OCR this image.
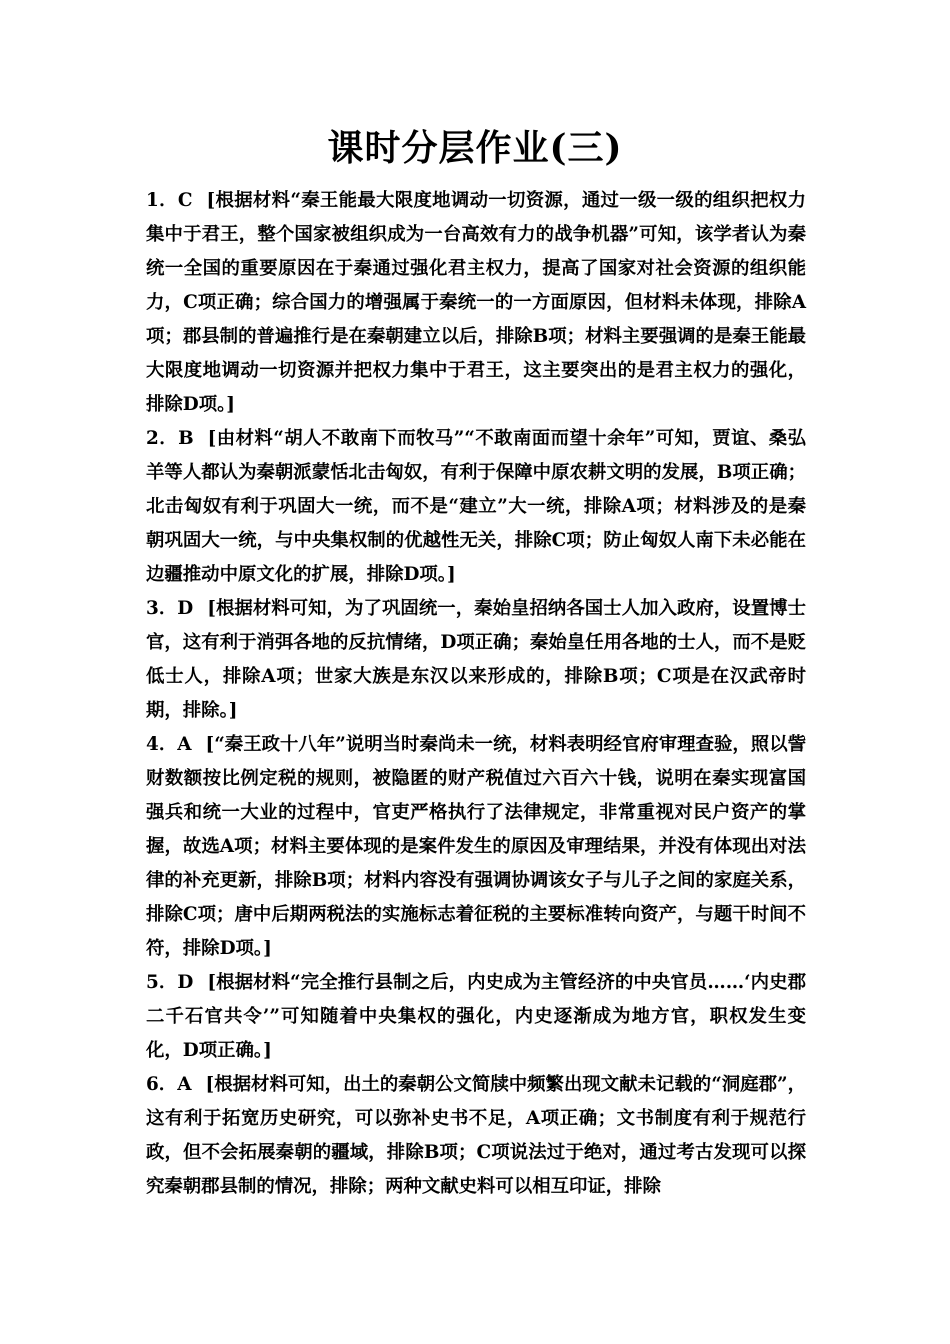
课时分层作业(三)

1．C [根据材料“秦王能最大限度地调动一切资源，通过一级一级的组织把权力集中于君王，整个国家被组织成为一台高效有力的战争机器”可知，该学者认为秦统一全国的重要原因在于秦通过强化君主权力，提高了国家对社会资源的组织能力，C项正确；综合国力的增强属于秦统一的一方面原因，但材料未体现，排除A项；郡县制的普遍推行是在秦朝建立以后，排除B项；材料主要强调的是秦王能最大限度地调动一切资源并把权力集中于君王，这主要突出的是君主权力的强化，排除D项。]

2．B [由材料“胡人不敢南下而牧马”“不敢南面而望十余年”可知，贾谊、桑弘羊等人都认为秦朝派蒙恬北击匈奴，有利于保障中原农耕文明的发展，B项正确；北击匈奴有利于巩固大一统，而不是“建立”大一统，排除A项；材料涉及的是秦朝巩固大一统，与中央集权制的优越性无关，排除C项；防止匈奴人南下未必能在边疆推动中原文化的扩展，排除D项。]

3．D [根据材料可知，为了巩固统一，秦始皇招纳各国士人加入政府，设置博士官，这有利于消弭各地的反抗情绪，D项正确；秦始皇任用各地的士人，而不是贬低士人，排除A项；世家大族是东汉以来形成的，排除B项；C项是在汉武帝时期，排除。]

4．A [“秦王政十八年”说明当时秦尚未一统，材料表明经官府审理查验，照以訾财数额按比例定税的规则，被隐匿的财产税值过六百六十钱，说明在秦实现富国强兵和统一大业的过程中，官吏严格执行了法律规定，非常重视对民户资产的掌握，故选A项；材料主要体现的是案件发生的原因及审理结果，并没有体现出对法律的补充更新，排除B项；材料内容没有强调协调该女子与儿子之间的家庭关系，排除C项；唐中后期两税法的实施标志着征税的主要标准转向资产，与题干时间不符，排除D项。]

5．D [根据材料“完全推行县制之后，内史成为主管经济的中央官员……‘内史郡二千石官共令’”可知随着中央集权的强化，内史逐渐成为地方官，职权发生变化，D项正确。]

6．A [根据材料可知，出土的秦朝公文简牍中频繁出现文献未记载的“洞庭郡”，这有利于拓宽历史研究，可以弥补史书不足，A项正确；文书制度有利于规范行政，但不会拓展秦朝的疆域，排除B项；C项说法过于绝对，通过考古发现可以探究秦朝郡县制的情况，排除；两种文献史料可以相互印证，排除
